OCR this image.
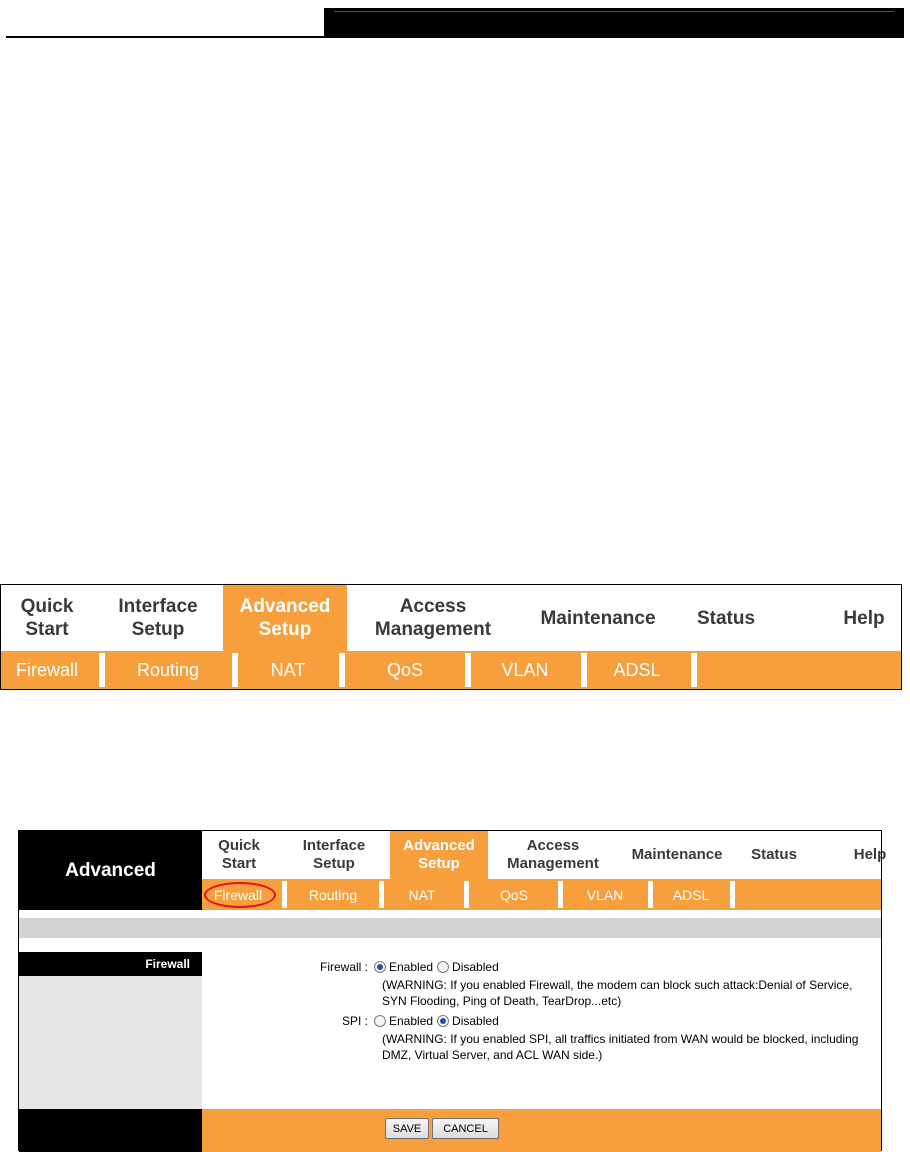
Quick
Start
Interface
Setup
Advanced
Setup
Access
Management
Maintenance	Status	Help
Firewall	Routing	NAT	QoS	VLAN	ADSL
Advanced
Quick
Start
Interface
Setup
Advanced
Setup
Access
Management
Maintenance	Status	Help
Firewall	Routing	NAT	QoS	VLAN	ADSL
Firewall	Firewall :	Enabled Disabled
(WARNING: If you enabled Firewall, the modem can block such attack:Denial of Service,
SYN Flooding, Ping of Death, TearDrop...etc)
SPI :	Enabled Disabled
(WARNING: If you enabled SPI, all traffics initiated from WAN would be blocked, including
DMZ, Virtual Server, and ACL WAN side.)
SAVE	CANCEL
